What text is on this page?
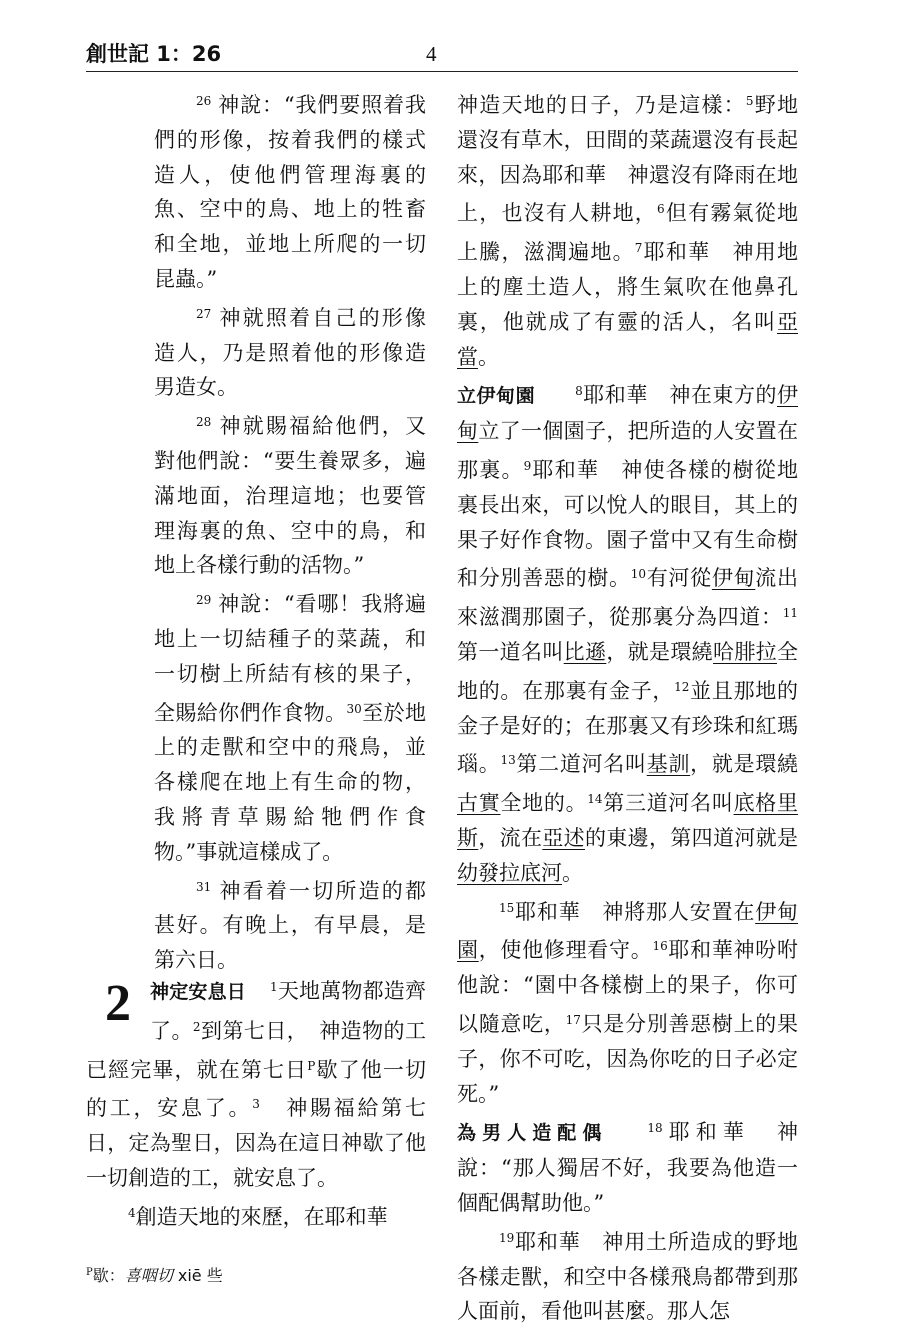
創世記 1：26	4

$^{26}$ 神說：“我們要照着我們的形像，按着我們的樣式造人，使他們管理海裏的魚、空中的鳥、地上的牲畜和全地，並地上所爬的一切昆蟲。”

$^{27}$ 神就照着自己的形像造人，乃是照着他的形像造男造女。

$^{28}$ 神就賜福給他們，又對他們說：“要生養眾多，遍滿地面，治理這地；也要管理海裏的魚、空中的鳥，和地上各樣行動的活物。”

$^{29}$ 神說：“看哪！我將遍地上一切結種子的菜蔬，和一切樹上所結有核的果子，全賜給你們作食物。$^{30}$至於地上的走獸和空中的飛鳥，並各樣爬在地上有生命的物，我將青草賜給牠們作食物。”事就這樣成了。

$^{31}$ 神看着一切所造的都甚好。有晚上，有早晨，是第六日。

2	神定安息日 $^1$天地萬物都造齊了。$^2$到第七日，　神造物的工已經完畢，就在第七日$^P$歇了他一切的工，安息了。$^3$　 神賜福給第七日，定為聖日，因為在這日神歇了他一切創造的工，就安息了。

$^4$創造天地的來歷，在耶和華

神造天地的日子，乃是這樣：$^5$野地還沒有草木，田間的菜蔬還沒有長起來，因為耶和華　神還沒有降雨在地上，也沒有人耕地，$^6$但有霧氣從地上騰，滋潤遍地。$^7$耶和華　神用地上的塵土造人，將生氣吹在他鼻孔裏，他就成了有靈的活人，名叫亞當。

立伊甸園	$^8$耶和華　神在東方的伊甸立了一個園子，把所造的人安置在那裏。$^9$耶和華　神使各樣的樹從地裏長出來，可以悅人的眼目，其上的果子好作食物。園子當中又有生命樹和分別善惡的樹。$^{10}$有河從伊甸流出來滋潤那園子，從那裏分為四道：$^{11}$第一道名叫比遜，就是環繞哈腓拉全地的。在那裏有金子，$^{12}$並且那地的金子是好的；在那裏又有珍珠和紅瑪瑙。$^{13}$第二道河名叫基訓，就是環繞古實全地的。$^{14}$第三道河名叫底格里斯，流在亞述的東邊，第四道河就是幼發拉底河。

$^{15}$耶和華　神將那人安置在伊甸園，使他修理看守。$^{16}$耶和華神吩咐他說：“園中各樣樹上的果子，你可以隨意吃，$^{17}$只是分別善惡樹上的果子，你不可吃，因為你吃的日子必定死。”

為男人造配偶	$^{18}$耶和華　神說：“那人獨居不好，我要為他造一個配偶幫助他。”

$^{19}$耶和華　神用土所造成的野地各樣走獸，和空中各樣飛鳥都帶到那人面前，看他叫甚麼。那人怎

$^P$歇：喜咽切 xiē 些
